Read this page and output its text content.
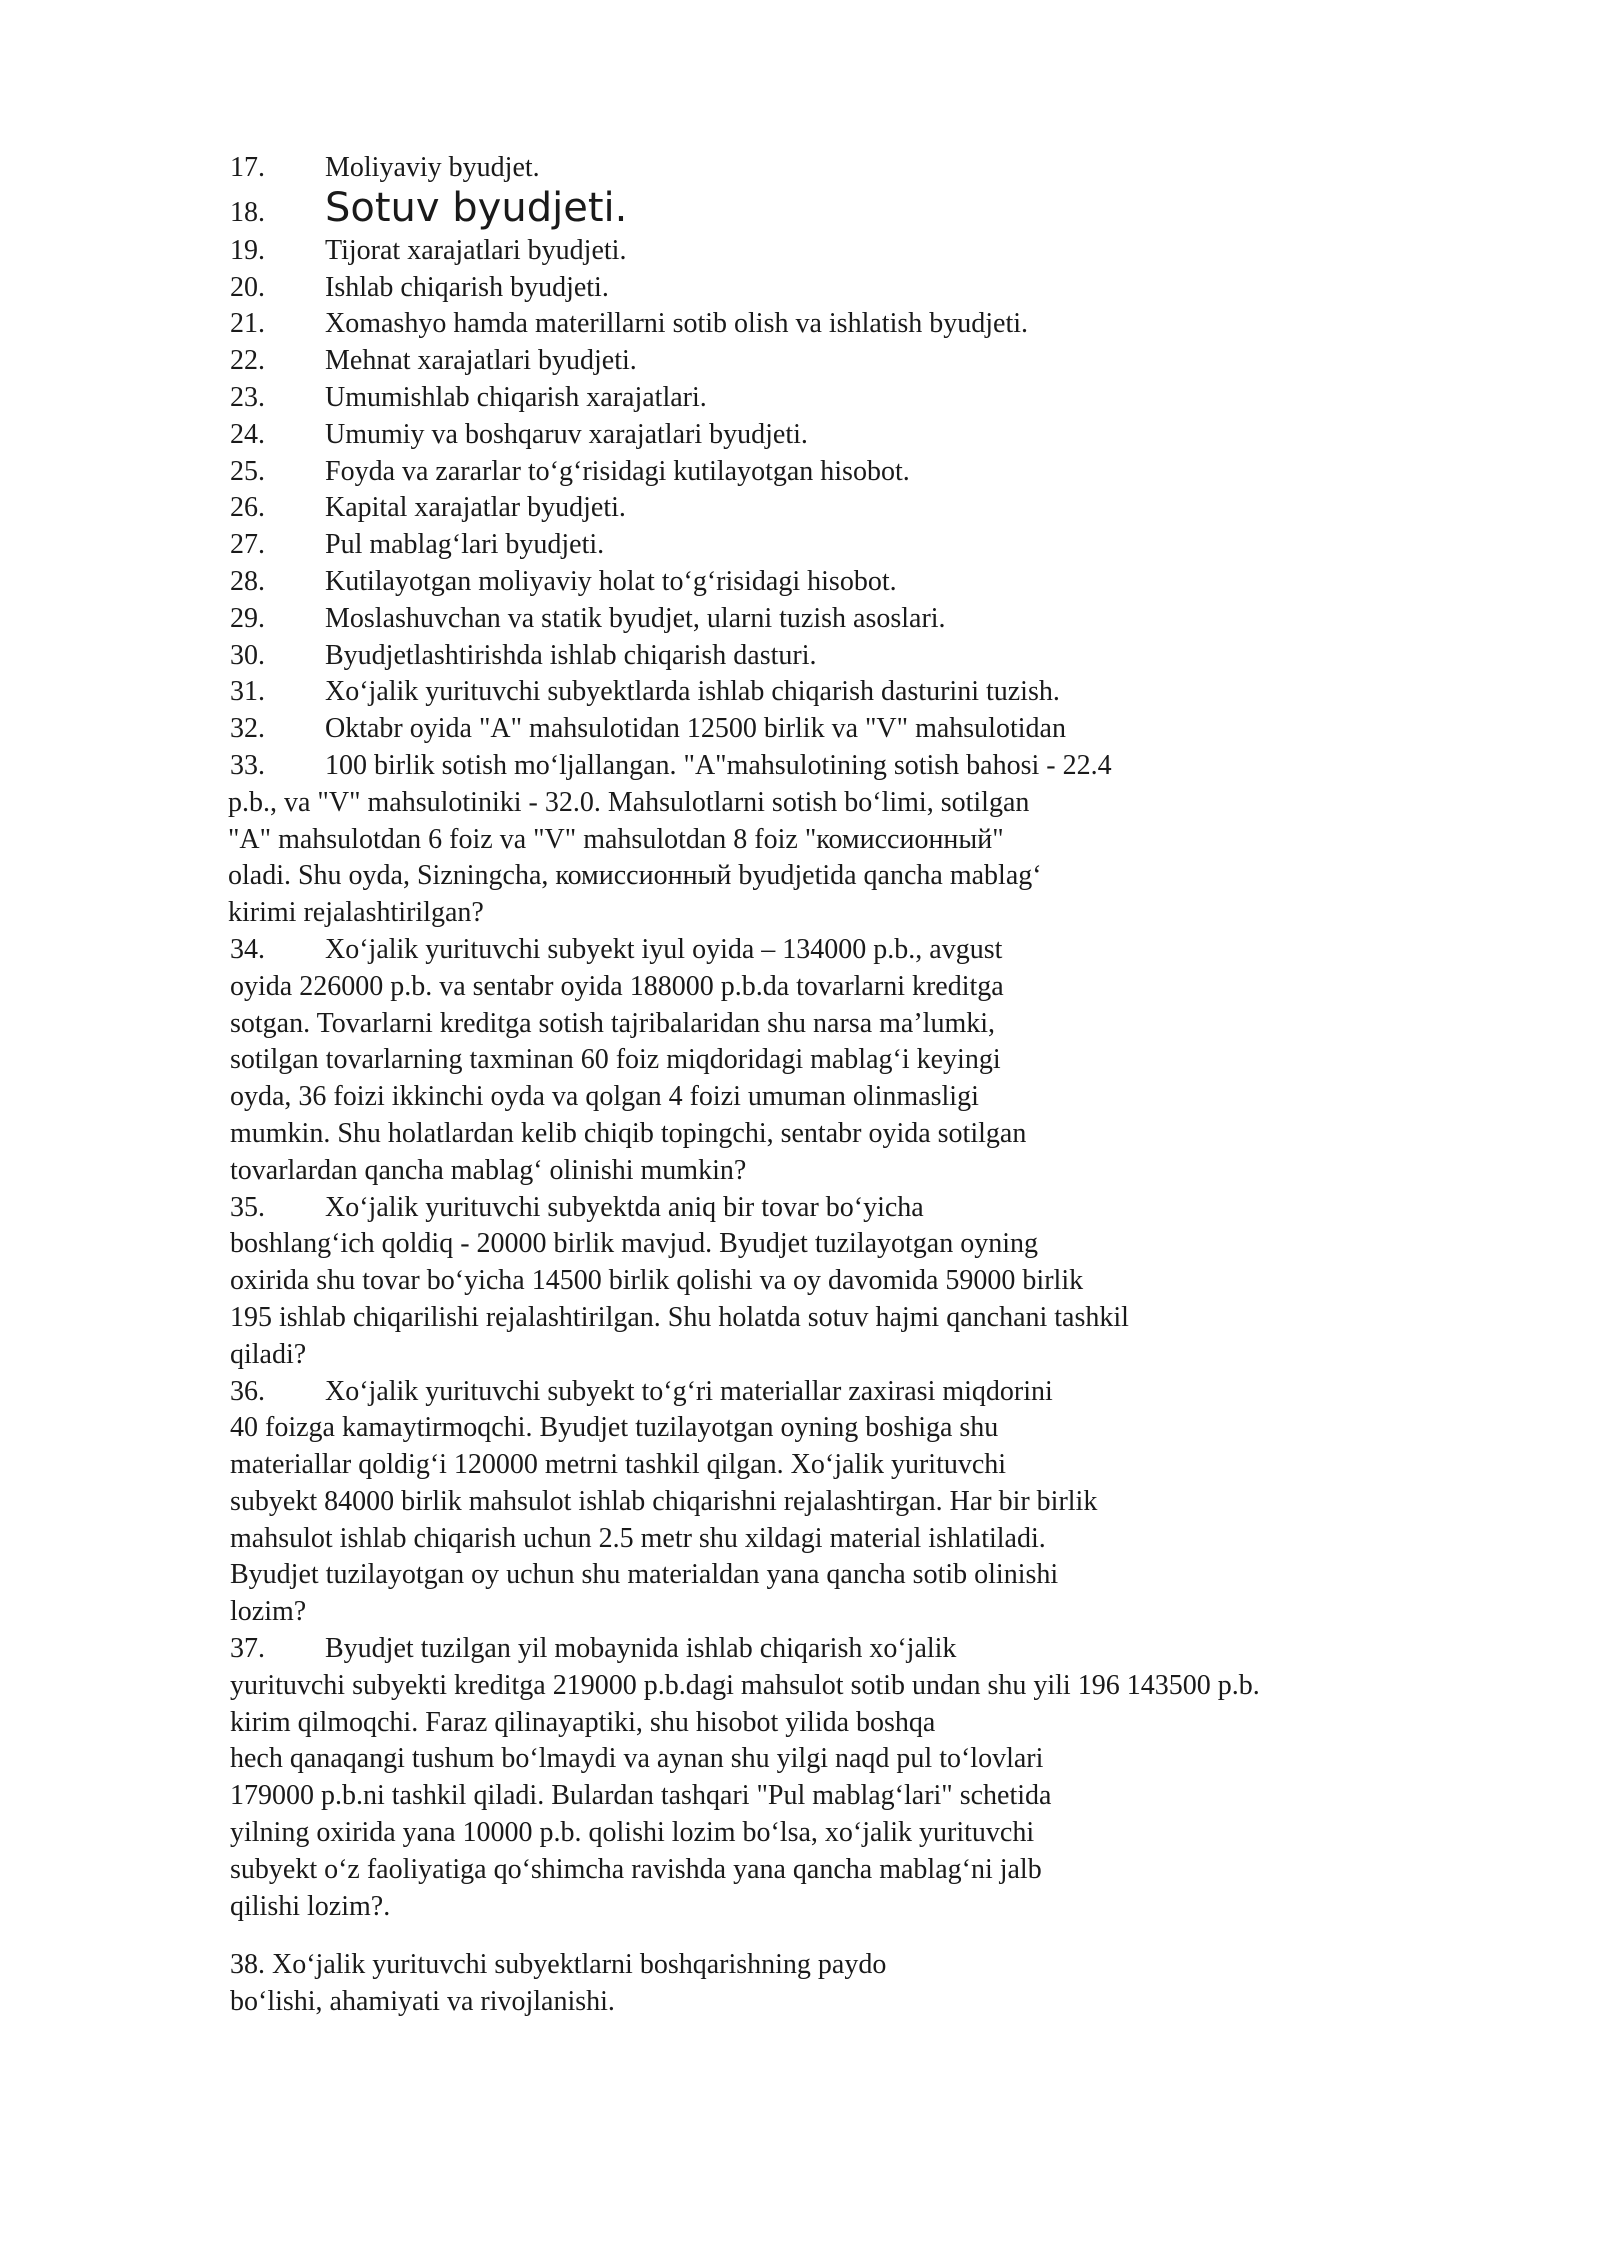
17. Moliyaviy byudjet.
18. Sotuv byudjeti.
19. Tijorat xarajatlari byudjeti.
20. Ishlab chiqarish byudjeti.
21. Xomashyo hamda materillarni sotib olish va ishlatish byudjeti.
22. Mehnat xarajatlari byudjeti.
23. Umumishlab chiqarish xarajatlari.
24. Umumiy va boshqaruv xarajatlari byudjeti.
25. Foyda va zararlar to‘g‘risidagi kutilayotgan hisobot.
26. Kapital xarajatlar byudjeti.
27. Pul mablag‘lari byudjeti.
28. Kutilayotgan moliyaviy holat to‘g‘risidagi hisobot.
29. Moslashuvchan va statik byudjet, ularni tuzish asoslari.
30. Byudjetlashtirishda ishlab chiqarish dasturi.
31. Xo‘jalik yurituvchi subyektlarda ishlab chiqarish dasturini tuzish.
32. Oktabr oyida "A" mahsulotidan 12500 birlik va "V" mahsulotidan
33. 100 birlik sotish mo‘ljallangan. "A"mahsulotining sotish bahosi - 22.4
p.b., va "V" mahsulotiniki - 32.0. Mahsulotlarni sotish bo‘limi, sotilgan
"A" mahsulotdan 6 foiz va "V" mahsulotdan 8 foiz "комиссионный"
oladi. Shu oyda, Sizningcha, комиссионный byudjetida qancha mablag‘
kirimi rejalashtirilgan?
34. Xo‘jalik yurituvchi subyekt iyul oyida – 134000 p.b., avgust
oyida 226000 p.b. va sentabr oyida 188000 p.b.da tovarlarni kreditga
sotgan. Tovarlarni kreditga sotish tajribalaridan shu narsa ma’lumki,
sotilgan tovarlarning taxminan 60 foiz miqdoridagi mablag‘i keyingi
oyda, 36 foizi ikkinchi oyda va qolgan 4 foizi umuman olinmasligi
mumkin. Shu holatlardan kelib chiqib topingchi, sentabr oyida sotilgan
tovarlardan qancha mablag‘ olinishi mumkin?
35. Xo‘jalik yurituvchi subyektda aniq bir tovar bo‘yicha
boshlang‘ich qoldiq - 20000 birlik mavjud. Byudjet tuzilayotgan oyning
oxirida shu tovar bo‘yicha 14500 birlik qolishi va oy davomida 59000 birlik
195 ishlab chiqarilishi rejalashtirilgan. Shu holatda sotuv hajmi qanchani tashkil
qiladi?
36. Xo‘jalik yurituvchi subyekt to‘g‘ri materiallar zaxirasi miqdorini
40 foizga kamaytirmoqchi. Byudjet tuzilayotgan oyning boshiga shu
materiallar qoldig‘i 120000 metrni tashkil qilgan. Xo‘jalik yurituvchi
subyekt 84000 birlik mahsulot ishlab chiqarishni rejalashtirgan. Har bir birlik
mahsulot ishlab chiqarish uchun 2.5 metr shu xildagi material ishlatiladi.
Byudjet tuzilayotgan oy uchun shu materialdan yana qancha sotib olinishi
lozim?
37. Byudjet tuzilgan yil mobaynida ishlab chiqarish xo‘jalik
yurituvchi subyekti kreditga 219000 p.b.dagi mahsulot sotib undan shu yili 196 143500 p.b.
kirim qilmoqchi. Faraz qilinayaptiki, shu hisobot yilida boshqa
hech qanaqangi tushum bo‘lmaydi va aynan shu yilgi naqd pul to‘lovlari
179000 p.b.ni tashkil qiladi. Bulardan tashqari "Pul mablag‘lari" schetida
yilning oxirida yana 10000 p.b. qolishi lozim bo‘lsa, xo‘jalik yurituvchi
subyekt o‘z faoliyatiga qo‘shimcha ravishda yana qancha mablag‘ni jalb
qilishi lozim?.
38. Xo‘jalik yurituvchi subyektlarni boshqarishning paydo
bo‘lishi, ahamiyati va rivojlanishi.
